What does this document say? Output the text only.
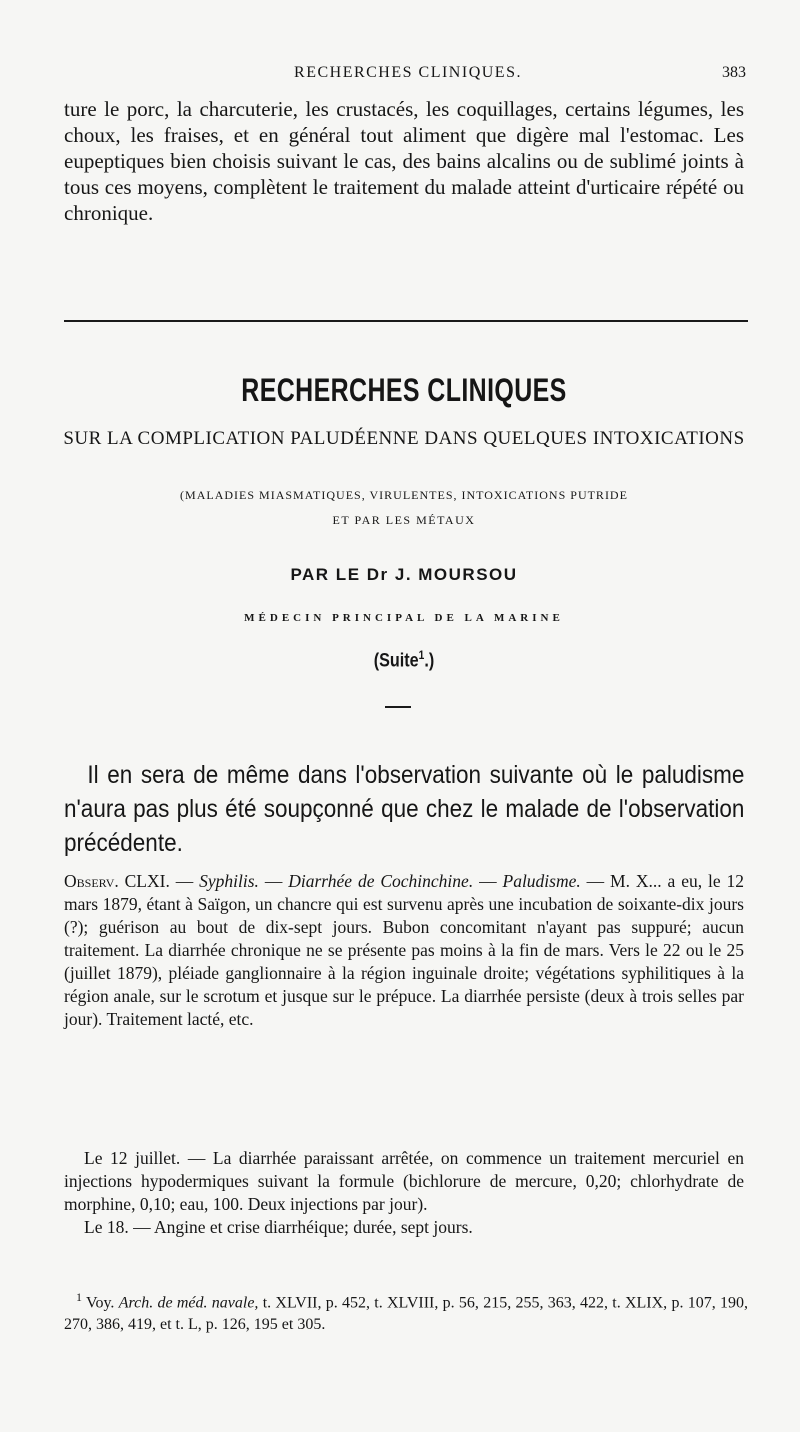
RECHERCHES CLINIQUES.	383

ture le porc, la charcuterie, les crustacés, les coquillages, certains légumes, les choux, les fraises, et en général tout aliment que digère mal l'estomac. Les eupeptiques bien choisis suivant le cas, des bains alcalins ou de sublimé joints à tous ces moyens, complètent le traitement du malade atteint d'urticaire répété ou chronique.

RECHERCHES CLINIQUES
SUR LA COMPLICATION PALUDÉENNE DANS QUELQUES INTOXICATIONS
(MALADIES MIASMATIQUES, VIRULENTES, INTOXICATIONS PUTRIDE
ET PAR LES MÉTAUX
PAR LE Dr J. MOURSOU
MÉDECIN PRINCIPAL DE LA MARINE
(Suite$^1$.)

Il en sera de même dans l'observation suivante où le paludisme n'aura pas plus été soupçonné que chez le malade de l'observation précédente.

Observ. CLXI. — Syphilis. — Diarrhée de Cochinchine. — Paludisme. — M. X... a eu, le 12 mars 1879, étant à Saïgon, un chancre qui est survenu après une incubation de soixante-dix jours (?); guérison au bout de dix-sept jours. Bubon concomitant n'ayant pas suppuré; aucun traitement. La diarrhée chronique ne se présente pas moins à la fin de mars. Vers le 22 ou le 25 (juillet 1879), pléiade ganglionnaire à la région inguinale droite; végétations syphilitiques à la région anale, sur le scrotum et jusque sur le prépuce. La diarrhée persiste (deux à trois selles par jour). Traitement lacté, etc.

Le 12 juillet. — La diarrhée paraissant arrêtée, on commence un traitement mercuriel en injections hypodermiques suivant la formule (bichlorure de mercure, 0,20; chlorhydrate de morphine, 0,10; eau, 100. Deux injections par jour).

Le 18. — Angine et crise diarrhéique; durée, sept jours.

$^1$ Voy. Arch. de méd. navale, t. XLVII, p. 452, t. XLVIII, p. 56, 215, 255, 363, 422, t. XLIX, p. 107, 190, 270, 386, 419, et t. L, p. 126, 195 et 305.
